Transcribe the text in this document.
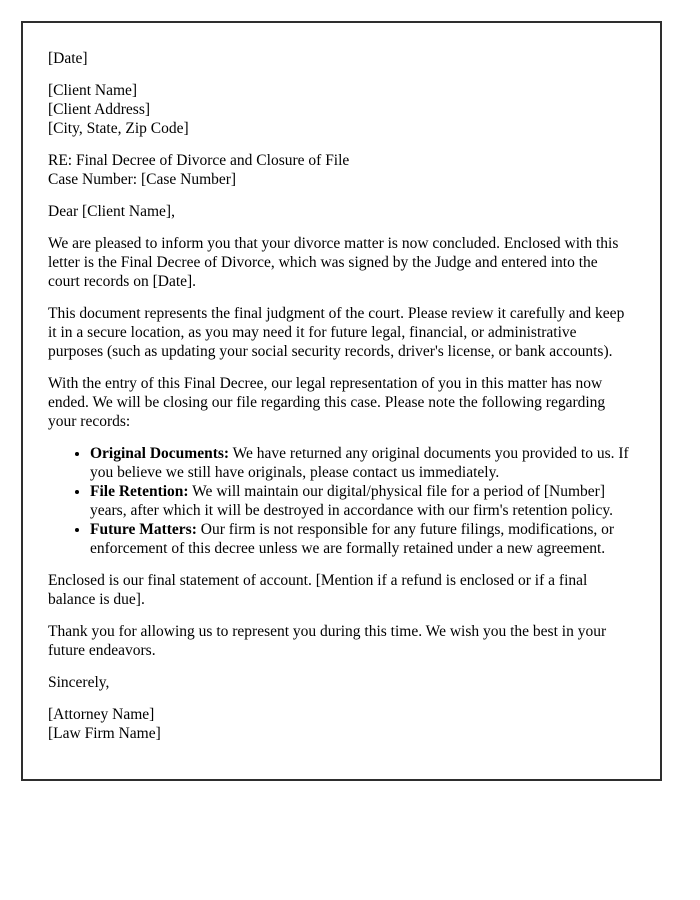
[Date]

[Client Name]
[Client Address]
[City, State, Zip Code]
RE: Final Decree of Divorce and Closure of File
Case Number: [Case Number]

Dear [Client Name],

We are pleased to inform you that your divorce matter is now concluded. Enclosed with this letter is the Final Decree of Divorce, which was signed by the Judge and entered into the court records on [Date].

This document represents the final judgment of the court. Please review it carefully and keep it in a secure location, as you may need it for future legal, financial, or administrative purposes (such as updating your social security records, driver's license, or bank accounts).

With the entry of this Final Decree, our legal representation of you in this matter has now ended. We will be closing our file regarding this case. Please note the following regarding your records:

• Original Documents: We have returned any original documents you provided to us. If you believe we still have originals, please contact us immediately.
• File Retention: We will maintain our digital/physical file for a period of [Number] years, after which it will be destroyed in accordance with our firm's retention policy.
• Future Matters: Our firm is not responsible for any future filings, modifications, or enforcement of this decree unless we are formally retained under a new agreement.

Enclosed is our final statement of account. [Mention if a refund is enclosed or if a final balance is due].

Thank you for allowing us to represent you during this time. We wish you the best in your future endeavors.

Sincerely,

[Attorney Name]
[Law Firm Name]
